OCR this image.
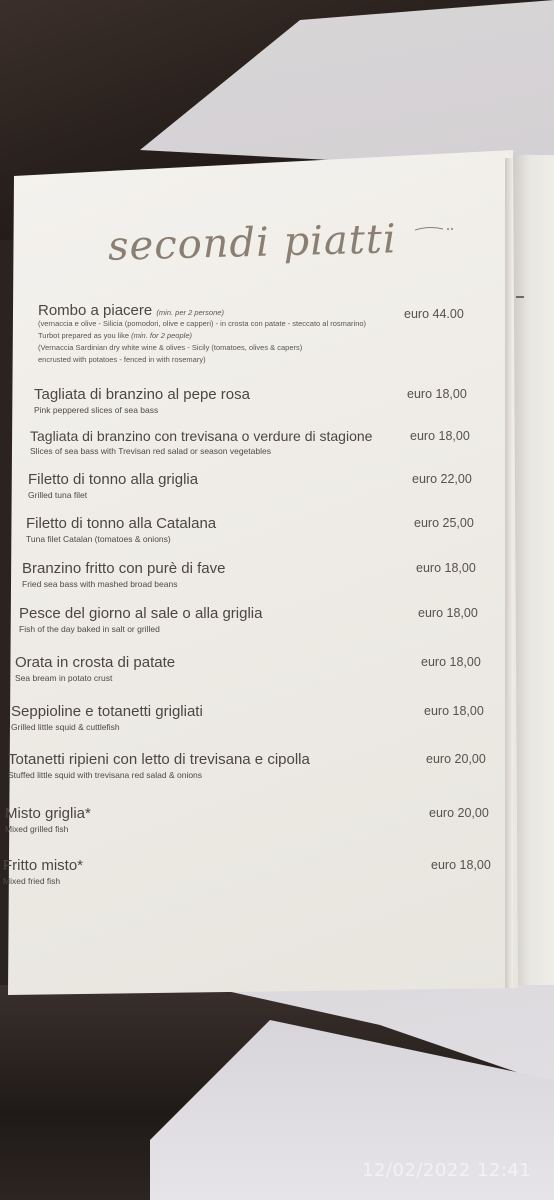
secondi piatti
Rombo a piacere (min. per 2 persone)	euro 44.00
(vernaccia e olive - Silicia (pomodori, olive e capperi) - in crosta con patate - steccato al rosmarino)
Turbot prepared as you like (min. for 2 people)
(Vernaccia Sardinian dry white wine & olives - Sicily (tomatoes, olives & capers)
encrusted with potatoes - fenced in with rosemary)
Tagliata di branzino al pepe rosa
Pink peppered slices of sea bass
euro 18,00
Tagliata di branzino con trevisana o verdure di stagione
Slices of sea bass with Trevisan red salad or season vegetables
euro 18,00
Filetto di tonno alla griglia
Grilled tuna filet
euro 22,00
Filetto di tonno alla Catalana
Tuna filet Catalan (tomatoes & onions)
euro 25,00
Branzino fritto con purè di fave
Fried sea bass with mashed broad beans
euro 18,00
Pesce del giorno al sale o alla griglia
Fish of the day baked in salt or grilled
euro 18,00
Orata in crosta di patate
Sea bream in potato crust
euro 18,00
Seppioline e totanetti grigliati
Grilled little squid & cuttlefish
euro 18,00
Totanetti ripieni con letto di trevisana e cipolla
Stuffed little squid with trevisana red salad & onions
euro 20,00
Misto griglia*
Mixed grilled fish
euro 20,00
Fritto misto*
Mixed fried fish
euro 18,00
12/02/2022 12:41
